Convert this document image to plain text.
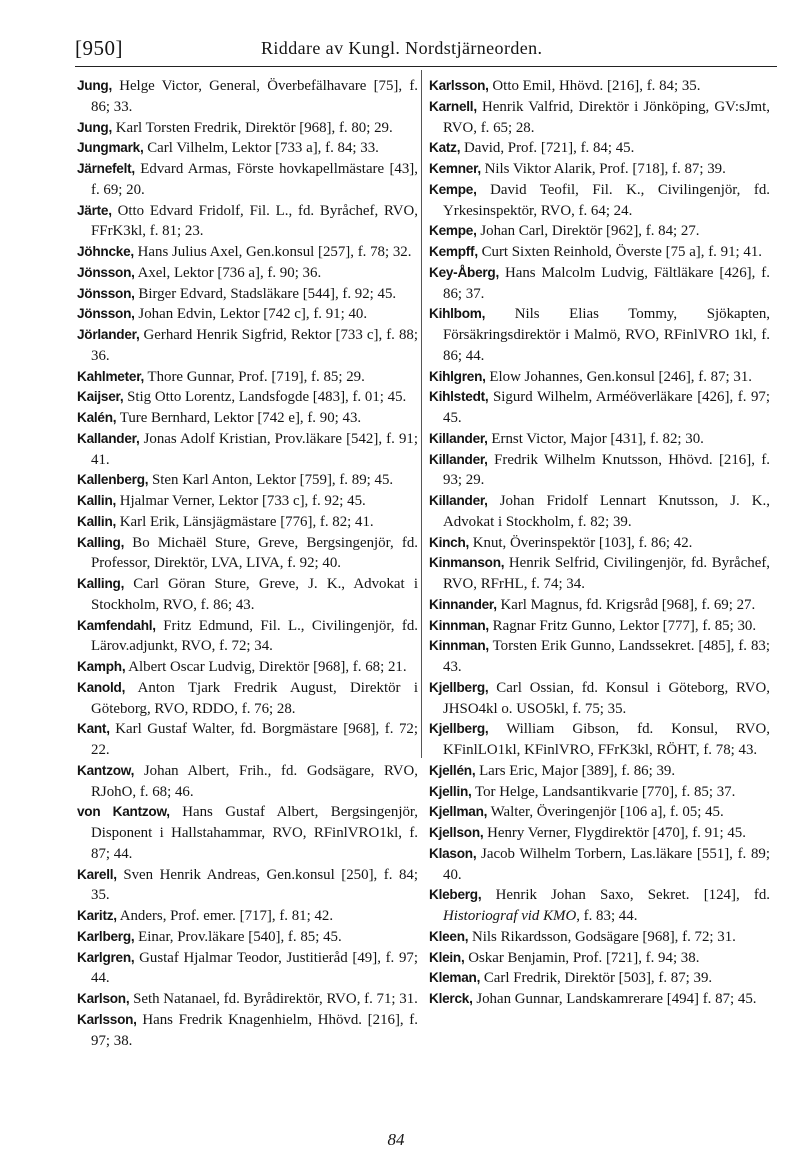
[950]	Riddare av Kungl. Nordstjärneorden.

Jung, Helge Victor, General, Överbefälhavare [75], f. 86; 33.

Jung, Karl Torsten Fredrik, Direktör [968], f. 80; 29.

Jungmark, Carl Vilhelm, Lektor [733 a], f. 84; 33.

Järnefelt, Edvard Armas, Förste hovkapellmästare [43], f. 69; 20.

Järte, Otto Edvard Fridolf, Fil. L., fd. Byråchef, RVO, FFrK3kl, f. 81; 23.

Jöhncke, Hans Julius Axel, Gen.konsul [257], f. 78; 32.

Jönsson, Axel, Lektor [736 a], f. 90; 36.

Jönsson, Birger Edvard, Stadsläkare [544], f. 92; 45.

Jönsson, Johan Edvin, Lektor [742 c], f. 91; 40.

Jörlander, Gerhard Henrik Sigfrid, Rektor [733 c], f. 88; 36.

Kahlmeter, Thore Gunnar, Prof. [719], f. 85; 29.

Kaijser, Stig Otto Lorentz, Landsfogde [483], f. 01; 45.

Kalén, Ture Bernhard, Lektor [742 e], f. 90; 43.

Kallander, Jonas Adolf Kristian, Prov.läkare [542], f. 91; 41.

Kallenberg, Sten Karl Anton, Lektor [759], f. 89; 45.

Kallin, Hjalmar Verner, Lektor [733 c], f. 92; 45.

Kallin, Karl Erik, Länsjägmästare [776], f. 82; 41.

Kalling, Bo Michaël Sture, Greve, Bergsingenjör, fd. Professor, Direktör, LVA, LIVA, f. 92; 40.

Kalling, Carl Göran Sture, Greve, J. K., Advokat i Stockholm, RVO, f. 86; 43.

Kamfendahl, Fritz Edmund, Fil. L., Civilingenjör, fd. Lärov.adjunkt, RVO, f. 72; 34.

Kamph, Albert Oscar Ludvig, Direktör [968], f. 68; 21.

Kanold, Anton Tjark Fredrik August, Direktör i Göteborg, RVO, RDDO, f. 76; 28.

Kant, Karl Gustaf Walter, fd. Borgmästare [968], f. 72; 22.

Kantzow, Johan Albert, Frih., fd. Godsägare, RVO, RJohO, f. 68; 46.

von Kantzow, Hans Gustaf Albert, Bergsingenjör, Disponent i Hallstahammar, RVO, RFinlVRO1kl, f. 87; 44.

Karell, Sven Henrik Andreas, Gen.konsul [250], f. 84; 35.

Karitz, Anders, Prof. emer. [717], f. 81; 42.

Karlberg, Einar, Prov.läkare [540], f. 85; 45.

Karlgren, Gustaf Hjalmar Teodor, Justitieråd [49], f. 97; 44.

Karlson, Seth Natanael, fd. Byrådirektör, RVO, f. 71; 31.

Karlsson, Hans Fredrik Knagenhielm, Hhövd. [216], f. 97; 38.

Karlsson, Otto Emil, Hhövd. [216], f. 84; 35.

Karnell, Henrik Valfrid, Direktör i Jönköping, GV:sJmt, RVO, f. 65; 28.

Katz, David, Prof. [721], f. 84; 45.

Kemner, Nils Viktor Alarik, Prof. [718], f. 87; 39.

Kempe, David Teofil, Fil. K., Civilingenjör, fd. Yrkesinspektör, RVO, f. 64; 24.

Kempe, Johan Carl, Direktör [962], f. 84; 27.

Kempff, Curt Sixten Reinhold, Överste [75 a], f. 91; 41.

Key-Åberg, Hans Malcolm Ludvig, Fältläkare [426], f. 86; 37.

Kihlbom, Nils Elias Tommy, Sjökapten, Försäkringsdirektör i Malmö, RVO, RFinlVRO 1kl, f. 86; 44.

Kihlgren, Elow Johannes, Gen.konsul [246], f. 87; 31.

Kihlstedt, Sigurd Wilhelm, Arméöverläkare [426], f. 97; 45.

Killander, Ernst Victor, Major [431], f. 82; 30.

Killander, Fredrik Wilhelm Knutsson, Hhövd. [216], f. 93; 29.

Killander, Johan Fridolf Lennart Knutsson, J. K., Advokat i Stockholm, f. 82; 39.

Kinch, Knut, Överinspektör [103], f. 86; 42.

Kinmanson, Henrik Selfrid, Civilingenjör, fd. Byråchef, RVO, RFrHL, f. 74; 34.

Kinnander, Karl Magnus, fd. Krigsråd [968], f. 69; 27.

Kinnman, Ragnar Fritz Gunno, Lektor [777], f. 85; 30.

Kinnman, Torsten Erik Gunno, Landssekret. [485], f. 83; 43.

Kjellberg, Carl Ossian, fd. Konsul i Göteborg, RVO, JHSO4kl o. USO5kl, f. 75; 35.

Kjellberg, William Gibson, fd. Konsul, RVO, KFinlLO1kl, KFinlVRO, FFrK3kl, RÖHT, f. 78; 43.

Kjellén, Lars Eric, Major [389], f. 86; 39.

Kjellin, Tor Helge, Landsantikvarie [770], f. 85; 37.

Kjellman, Walter, Överingenjör [106 a], f. 05; 45.

Kjellson, Henry Verner, Flygdirektör [470], f. 91; 45.

Klason, Jacob Wilhelm Torbern, Las.läkare [551], f. 89; 40.

Kleberg, Henrik Johan Saxo, Sekret. [124], fd. Historiograf vid KMO, f. 83; 44.

Kleen, Nils Rikardsson, Godsägare [968], f. 72; 31.

Klein, Oskar Benjamin, Prof. [721], f. 94; 38.

Kleman, Carl Fredrik, Direktör [503], f. 87; 39.

Klerck, Johan Gunnar, Landskamrerare [494] f. 87; 45.

84
